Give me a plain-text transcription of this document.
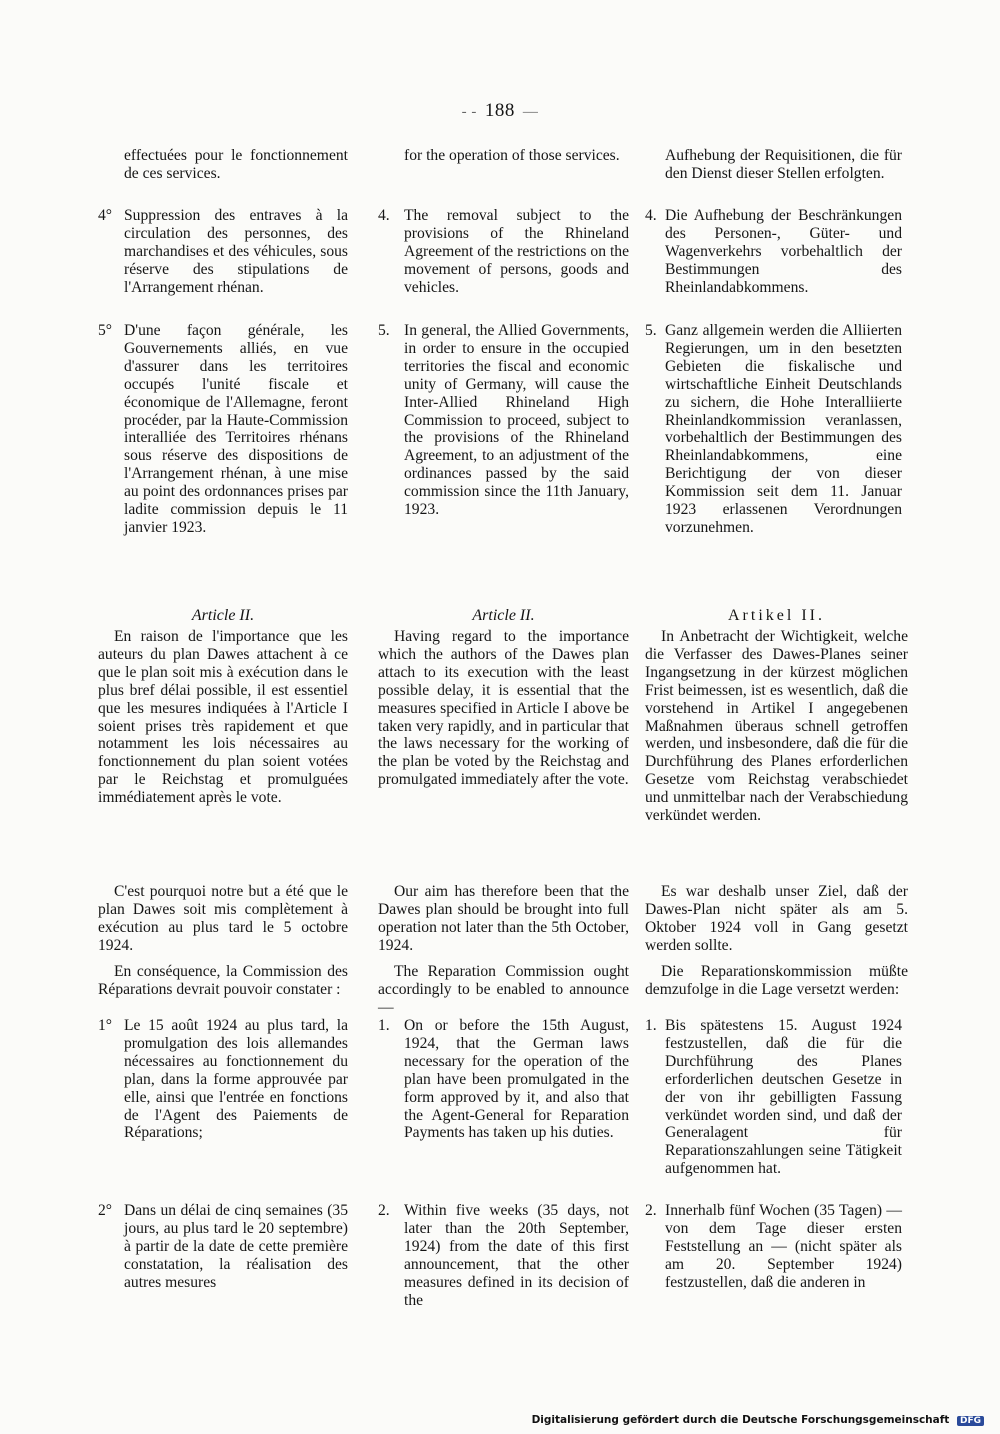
- - 188 —

effectuées pour le fonctionnement de ces services.

4° Suppression des entraves à la circulation des personnes, des marchandises et des véhicules, sous réserve des stipulations de l'Arrangement rhénan.
5° D'une façon générale, les Gouvernements alliés, en vue d'assurer dans les territoires occupés l'unité fiscale et économique de l'Allemagne, feront procéder, par la Haute-Commission interalliée des Territoires rhénans sous réserve des dispositions de l'Arrangement rhénan, à une mise au point des ordonnances prises par ladite commission depuis le 11 janvier 1923.

Article II.

En raison de l'importance que les auteurs du plan Dawes attachent à ce que le plan soit mis à exécution dans le plus bref délai possible, il est essentiel que les mesures indiquées à l'Article I soient prises très rapidement et que notamment les lois nécessaires au fonctionnement du plan soient votées par le Reichstag et promulguées immédiatement après le vote.

C'est pourquoi notre but a été que le plan Dawes soit mis complètement à exécution au plus tard le 5 octobre 1924.

En conséquence, la Commission des Réparations devrait pouvoir constater :

1° Le 15 août 1924 au plus tard, la promulgation des lois allemandes nécessaires au fonctionnement du plan, dans la forme approuvée par elle, ainsi que l'entrée en fonctions de l'Agent des Paiements de Réparations;
2° Dans un délai de cinq semaines (35 jours, au plus tard le 20 septembre) à partir de la date de cette première constatation, la réalisation des autres mesures

for the operation of those services.

4. The removal subject to the provisions of the Rhineland Agreement of the restrictions on the movement of persons, goods and vehicles.
5. In general, the Allied Governments, in order to ensure in the occupied territories the fiscal and economic unity of Germany, will cause the Inter-Allied Rhineland High Commission to proceed, subject to the provisions of the Rhineland Agreement, to an adjustment of the ordinances passed by the said commission since the 11th January, 1923.

Article II.

Having regard to the importance which the authors of the Dawes plan attach to its execution with the least possible delay, it is essential that the measures specified in Article I above be taken very rapidly, and in particular that the laws necessary for the working of the plan be voted by the Reichstag and promulgated immediately after the vote.

Our aim has therefore been that the Dawes plan should be brought into full operation not later than the 5th October, 1924.

The Reparation Commission ought accordingly to be enabled to announce—

1. On or before the 15th August, 1924, that the German laws necessary for the operation of the plan have been promulgated in the form approved by it, and also that the Agent-General for Reparation Payments has taken up his duties.
2. Within five weeks (35 days, not later than the 20th September, 1924) from the date of this first announcement, that the other measures defined in its decision of the

Aufhebung der Requisitionen, die für den Dienst dieser Stellen erfolgten.

4. Die Aufhebung der Beschränkungen des Personen-, Güter- und Wagenverkehrs vorbehaltlich der Bestimmungen des Rheinlandabkommens.
5. Ganz allgemein werden die Alliierten Regierungen, um in den besetzten Gebieten die fiskalische und wirtschaftliche Einheit Deutschlands zu sichern, die Hohe Interalliierte Rheinlandkommission veranlassen, vorbehaltlich der Bestimmungen des Rheinlandabkommens, eine Berichtigung der von dieser Kommission seit dem 11. Januar 1923 erlassenen Verordnungen vorzunehmen.

Artikel II.

In Anbetracht der Wichtigkeit, welche die Verfasser des Dawes-Planes seiner Ingangsetzung in der kürzest möglichen Frist beimessen, ist es wesentlich, daß die vorstehend in Artikel I angegebenen Maßnahmen überaus schnell getroffen werden, und insbesondere, daß die für die Durchführung des Planes erforderlichen Gesetze vom Reichstag verabschiedet und unmittelbar nach der Verabschiedung verkündet werden.

Es war deshalb unser Ziel, daß der Dawes-Plan nicht später als am 5. Oktober 1924 voll in Gang gesetzt werden sollte.

Die Reparationskommission müßte demzufolge in die Lage versetzt werden:

1. Bis spätestens 15. August 1924 festzustellen, daß die für die Durchführung des Planes erforderlichen deutschen Gesetze in der von ihr gebilligten Fassung verkündet worden sind, und daß der Generalagent für Reparationszahlungen seine Tätigkeit aufgenommen hat.
2. Innerhalb fünf Wochen (35 Tagen) — von dem Tage dieser ersten Feststellung an — (nicht später als am 20. September 1924) festzustellen, daß die anderen in
Digitalisierung gefördert durch die Deutsche Forschungsgemeinschaft DFG
